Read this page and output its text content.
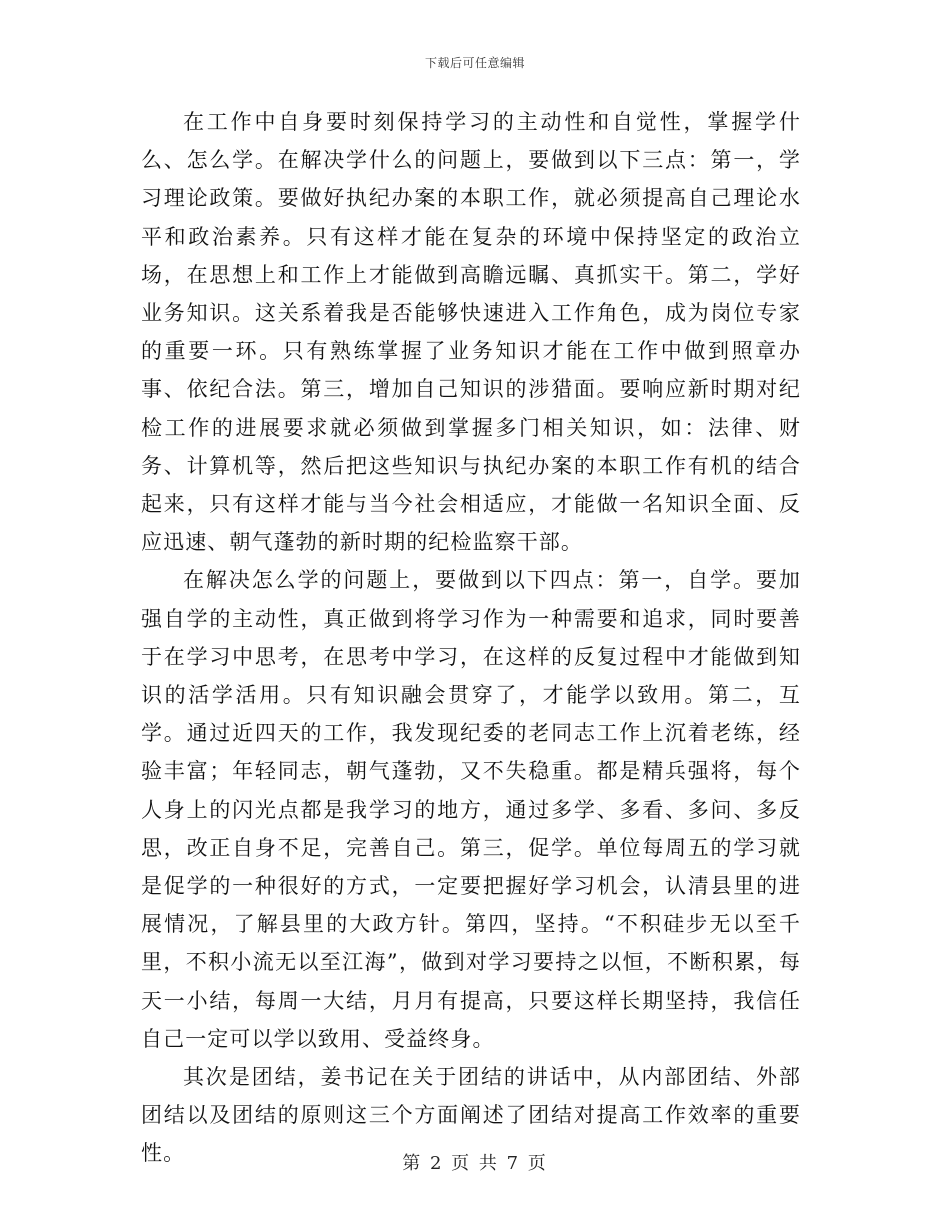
下载后可任意编辑

在工作中自身要时刻保持学习的主动性和自觉性，掌握学什么、怎么学。在解决学什么的问题上，要做到以下三点：第一，学习理论政策。要做好执纪办案的本职工作，就必须提高自己理论水平和政治素养。只有这样才能在复杂的环境中保持坚定的政治立场，在思想上和工作上才能做到高瞻远瞩、真抓实干。第二，学好业务知识。这关系着我是否能够快速进入工作角色，成为岗位专家的重要一环。只有熟练掌握了业务知识才能在工作中做到照章办事、依纪合法。第三，增加自己知识的涉猎面。要响应新时期对纪检工作的进展要求就必须做到掌握多门相关知识，如：法律、财务、计算机等，然后把这些知识与执纪办案的本职工作有机的结合起来，只有这样才能与当今社会相适应，才能做一名知识全面、反应迅速、朝气蓬勃的新时期的纪检监察干部。

在解决怎么学的问题上，要做到以下四点：第一，自学。要加强自学的主动性，真正做到将学习作为一种需要和追求，同时要善于在学习中思考，在思考中学习，在这样的反复过程中才能做到知识的活学活用。只有知识融会贯穿了，才能学以致用。第二，互学。通过近四天的工作，我发现纪委的老同志工作上沉着老练，经验丰富；年轻同志，朝气蓬勃，又不失稳重。都是精兵强将，每个人身上的闪光点都是我学习的地方，通过多学、多看、多问、多反思，改正自身不足，完善自己。第三，促学。单位每周五的学习就是促学的一种很好的方式，一定要把握好学习机会，认清县里的进展情况，了解县里的大政方针。第四，坚持。“不积硅步无以至千里，不积小流无以至江海”，做到对学习要持之以恒，不断积累，每天一小结，每周一大结，月月有提高，只要这样长期坚持，我信任自己一定可以学以致用、受益终身。

其次是团结，姜书记在关于团结的讲话中，从内部团结、外部团结以及团结的原则这三个方面阐述了团结对提高工作效率的重要性。	第 2 页 共 7 页
